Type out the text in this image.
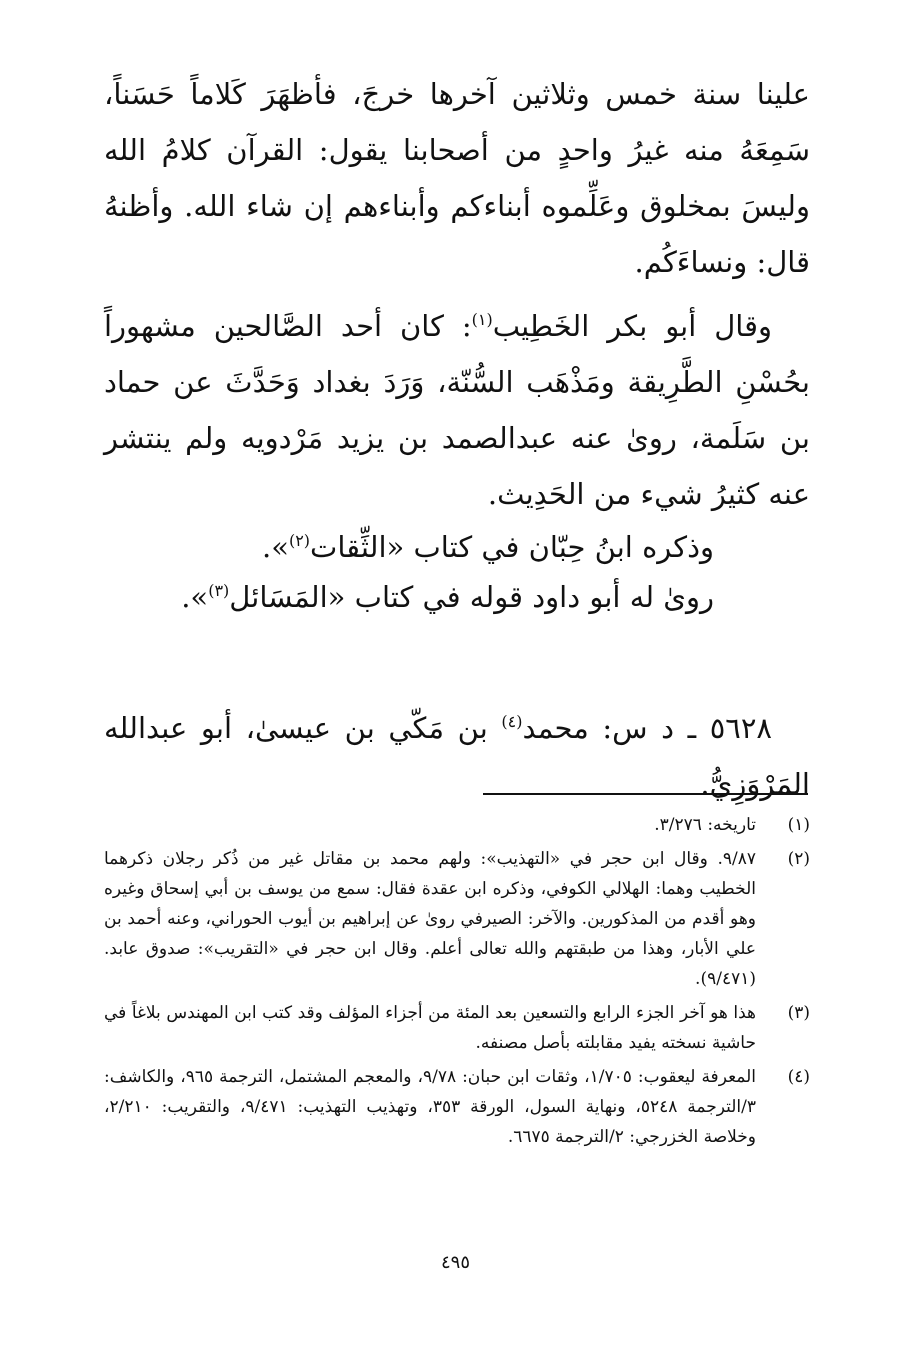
علينا سنة خمس وثلاثين آخرها خرجَ، فأظهَرَ كَلاماً حَسَناً، سَمِعَهُ منه غيرُ واحدٍ من أصحابنا يقول: القرآن كلامُ الله وليسَ بمخلوق وعَلِّموه أبناءكم وأبناءهم إن شاء الله. وأظنهُ قال: ونساءَكُم.

وقال أبو بكر الخَطِيب$^{(١)}$: كان أحد الصَّالحين مشهوراً بحُسْنِ الطَّرِيقة ومَذْهَب السُّنّة، وَرَدَ بغداد وَحَدَّثَ عن حماد بن سَلَمة، روىٰ عنه عبدالصمد بن يزيد مَرْدويه ولم ينتشر عنه كثيرُ شيء من الحَدِيث.

وذكره ابنُ حِبّان في كتاب «الثِّقات$^{(٢)}$».

روىٰ له أبو داود قوله في كتاب «المَسَائل$^{(٣)}$».

٥٦٢٨ ـ د س: محمد$^{(٤)}$ بن مَكّي بن عيسىٰ، أبو عبدالله المَرْوَزِيُّ.

(١)
تاريخه: ٣/٢٧٦.
(٢)
٩/٨٧. وقال ابن حجر في «التهذيب»: ولهم محمد بن مقاتل غير من ذُكر رجلان ذكرهما الخطيب وهما: الهلالي الكوفي، وذكره ابن عقدة فقال: سمع من يوسف بن أبي إسحاق وغيره وهو أقدم من المذكورين. والآخر: الصيرفي روىٰ عن إبراهيم بن أيوب الحوراني، وعنه أحمد بن علي الأبار، وهذا من طبقتهم والله تعالى أعلم. وقال ابن حجر في «التقريب»: صدوق عابد. (٩/٤٧١).
(٣)
هذا هو آخر الجزء الرابع والتسعين بعد المئة من أجزاء المؤلف وقد كتب ابن المهندس بلاغاً في حاشية نسخته يفيد مقابلته بأصل مصنفه.
(٤)
المعرفة ليعقوب: ١/٧٠٥، وثقات ابن حبان: ٩/٧٨، والمعجم المشتمل، الترجمة ٩٦٥، والكاشف: ٣/الترجمة ٥٢٤٨، ونهاية السول، الورقة ٣٥٣، وتهذيب التهذيب: ٩/٤٧١، والتقريب: ٢/٢١٠، وخلاصة الخزرجي: ٢/الترجمة ٦٦٧٥.
٤٩٥
